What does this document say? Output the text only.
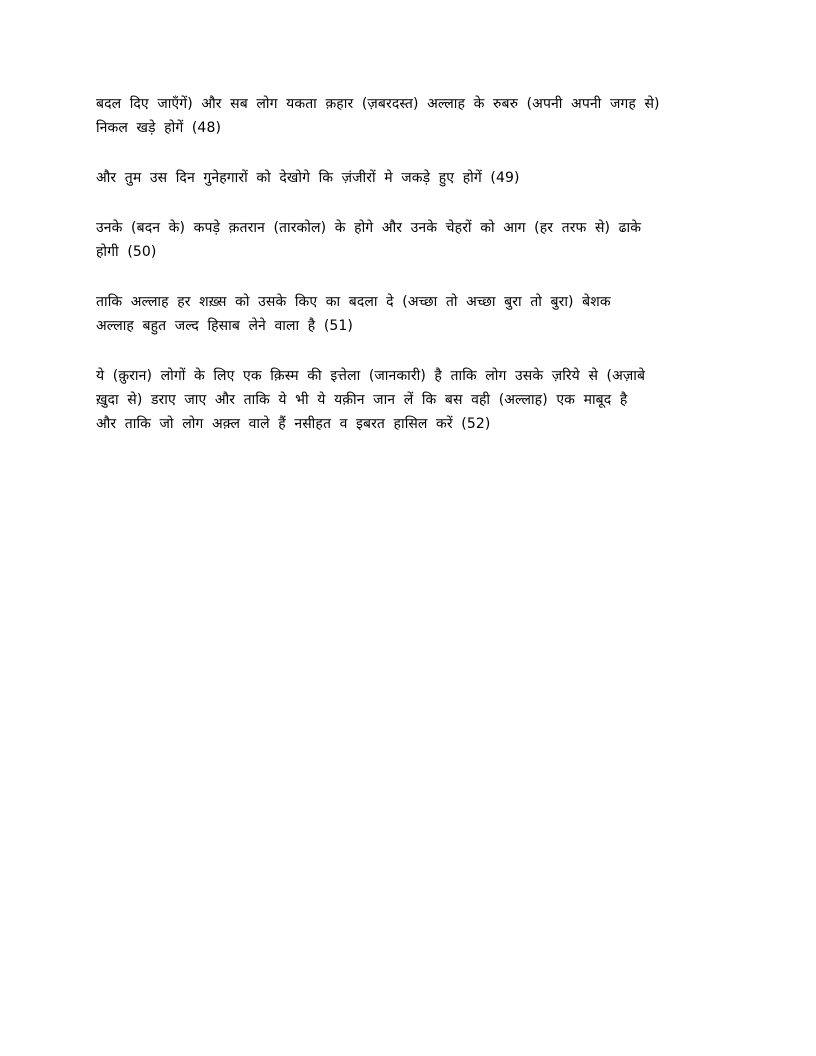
बदल दिए जाएँगें) और सब लोग यकता क़हार (ज़बरदस्त) अल्लाह के रुबरु (अपनी अपनी जगह से)
निकल खड़े होगें (48)

और तुम उस दिन गुनेहगारों को देखोगे कि ज़ंजीरों मे जकड़े हुए होगें (49)

उनके (बदन के) कपड़े क़तरान (तारकोल) के होगे और उनके चेहरों को आग (हर तरफ से) ढाके
होगी (50)

ताकि अल्लाह हर शख़्स को उसके किए का बदला दे (अच्छा तो अच्छा बुरा तो बुरा) बेशक
अल्लाह बहुत जल्द हिसाब लेने वाला है (51)

ये (क़ुरान) लोगों के लिए एक क़िस्म की इत्तेला (जानकारी) है ताकि लोग उसके ज़रिये से (अज़ाबे
ख़ुदा से) डराए जाए और ताकि ये भी ये यक़ीन जान लें कि बस वही (अल्लाह) एक माबूद है
और ताकि जो लोग अक़्ल वाले हैं नसीहत व इबरत हासिल करें (52)
